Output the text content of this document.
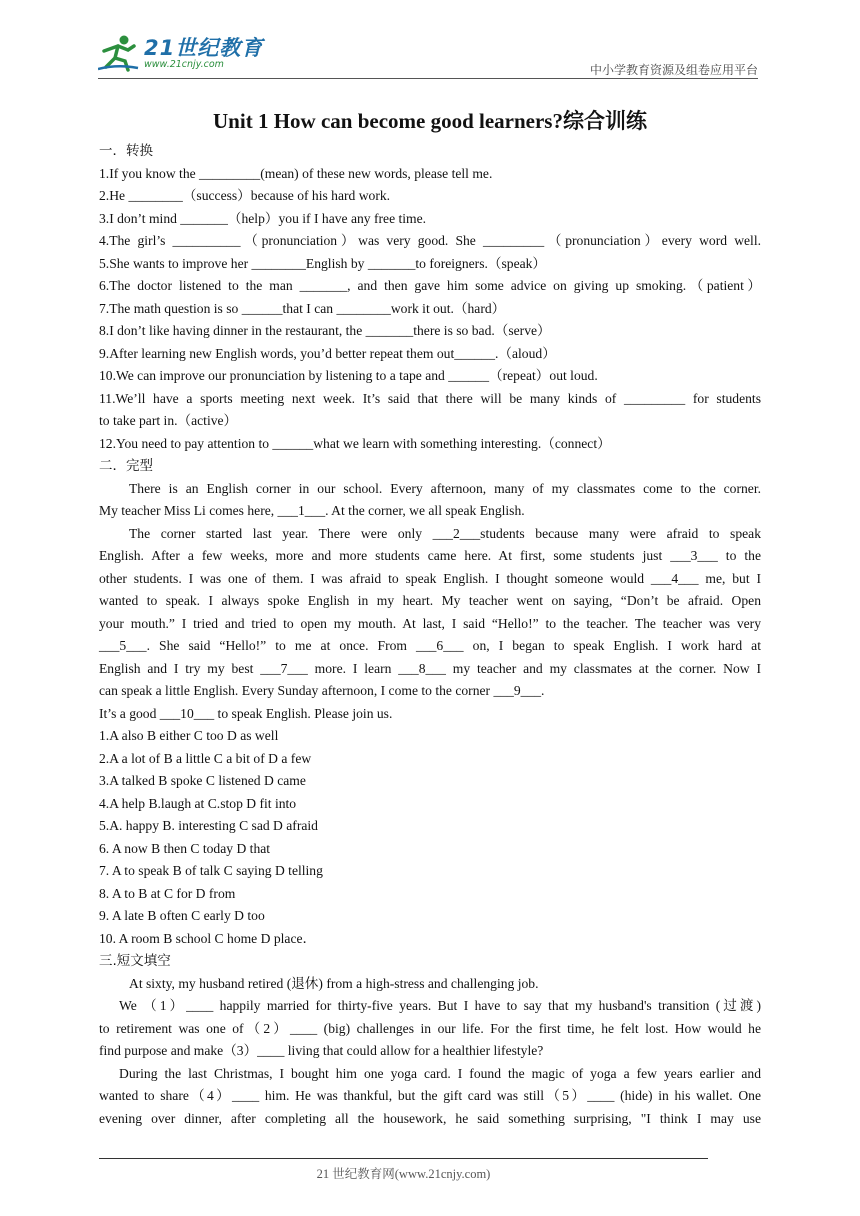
21世纪教育
www.21cnjy.com	中小学教育资源及组卷应用平台
Unit 1 How can become good learners?综合训练
一．转换
1.If you know the _________(mean) of these new words, please tell me.
2.He ________（success）because of his hard work.
3.I don’t mind _______（help）you if I have any free time.
4.The girl’s __________（pronunciation）was very good. She _________（pronunciation）every word well.
5.She wants to improve her ________English by _______to foreigners.（speak）
6.The doctor listened to the man _______, and then gave him some advice on giving up smoking.（patient）
7.The math question is so ______that I can ________work it out.（hard）
8.I don’t like having dinner in the restaurant, the _______there is so bad.（serve）
9.After learning new English words, you’d better repeat them out______.（aloud）
10.We can improve our pronunciation by listening to a tape and ______（repeat）out loud.
11.We’ll have a sports meeting next week. It’s said that there will be many kinds of _________ for students
to take part in.（active）
12.You need to pay attention to ______what we learn with something interesting.（connect）
二．完型
There is an English corner in our school. Every afternoon, many of my classmates come to the corner.
My teacher Miss Li comes here, ___1___. At the corner, we all speak English.
The corner started last year. There were only ___2___students because many were afraid to speak
English. After a few weeks, more and more students came here. At first, some students just ___3___ to the
other students. I was one of them. I was afraid to speak English. I thought someone would ___4___ me, but I
wanted to speak. I always spoke English in my heart. My teacher went on saying, “Don’t be afraid. Open
your mouth.” I tried and tried to open my mouth. At last, I said “Hello!” to the teacher. The teacher was very
___5___. She said “Hello!” to me at once. From ___6___ on, I began to speak English. I work hard at
English and I try my best ___7___ more. I learn ___8___ my teacher and my classmates at the corner. Now I
can speak a little English. Every Sunday afternoon, I come to the corner ___9___.
It’s a good ___10___ to speak English. Please join us.
1.A also B either C too D as well
2.A a lot of B a little C a bit of D a few
3.A talked B spoke C listened D came
4.A help B.laugh at C.stop D fit into
5.A. happy B. interesting C sad D afraid
6. A now B then C today D that
7. A to speak B of talk C saying D telling
8. A to B at C for D from
9. A late B often C early D too
10. A room B school C home D place．
三.短文填空
At sixty, my husband retired (退休) from a high-stress and challenging job.
We （1）____ happily married for thirty-five years. But I have to say that my husband's transition (过渡)
to retirement was one of（2）____ (big) challenges in our life. For the first time, he felt lost. How would he
find purpose and make（3）____ living that could allow for a healthier lifestyle?
During the last Christmas, I bought him one yoga card. I found the magic of yoga a few years earlier and
wanted to share（4）____ him. He was thankful, but the gift card was still（5）____ (hide) in his wallet. One
evening over dinner, after completing all the housework, he said something surprising, "I think I may use
21 世纪教育网(www.21cnjy.com)
